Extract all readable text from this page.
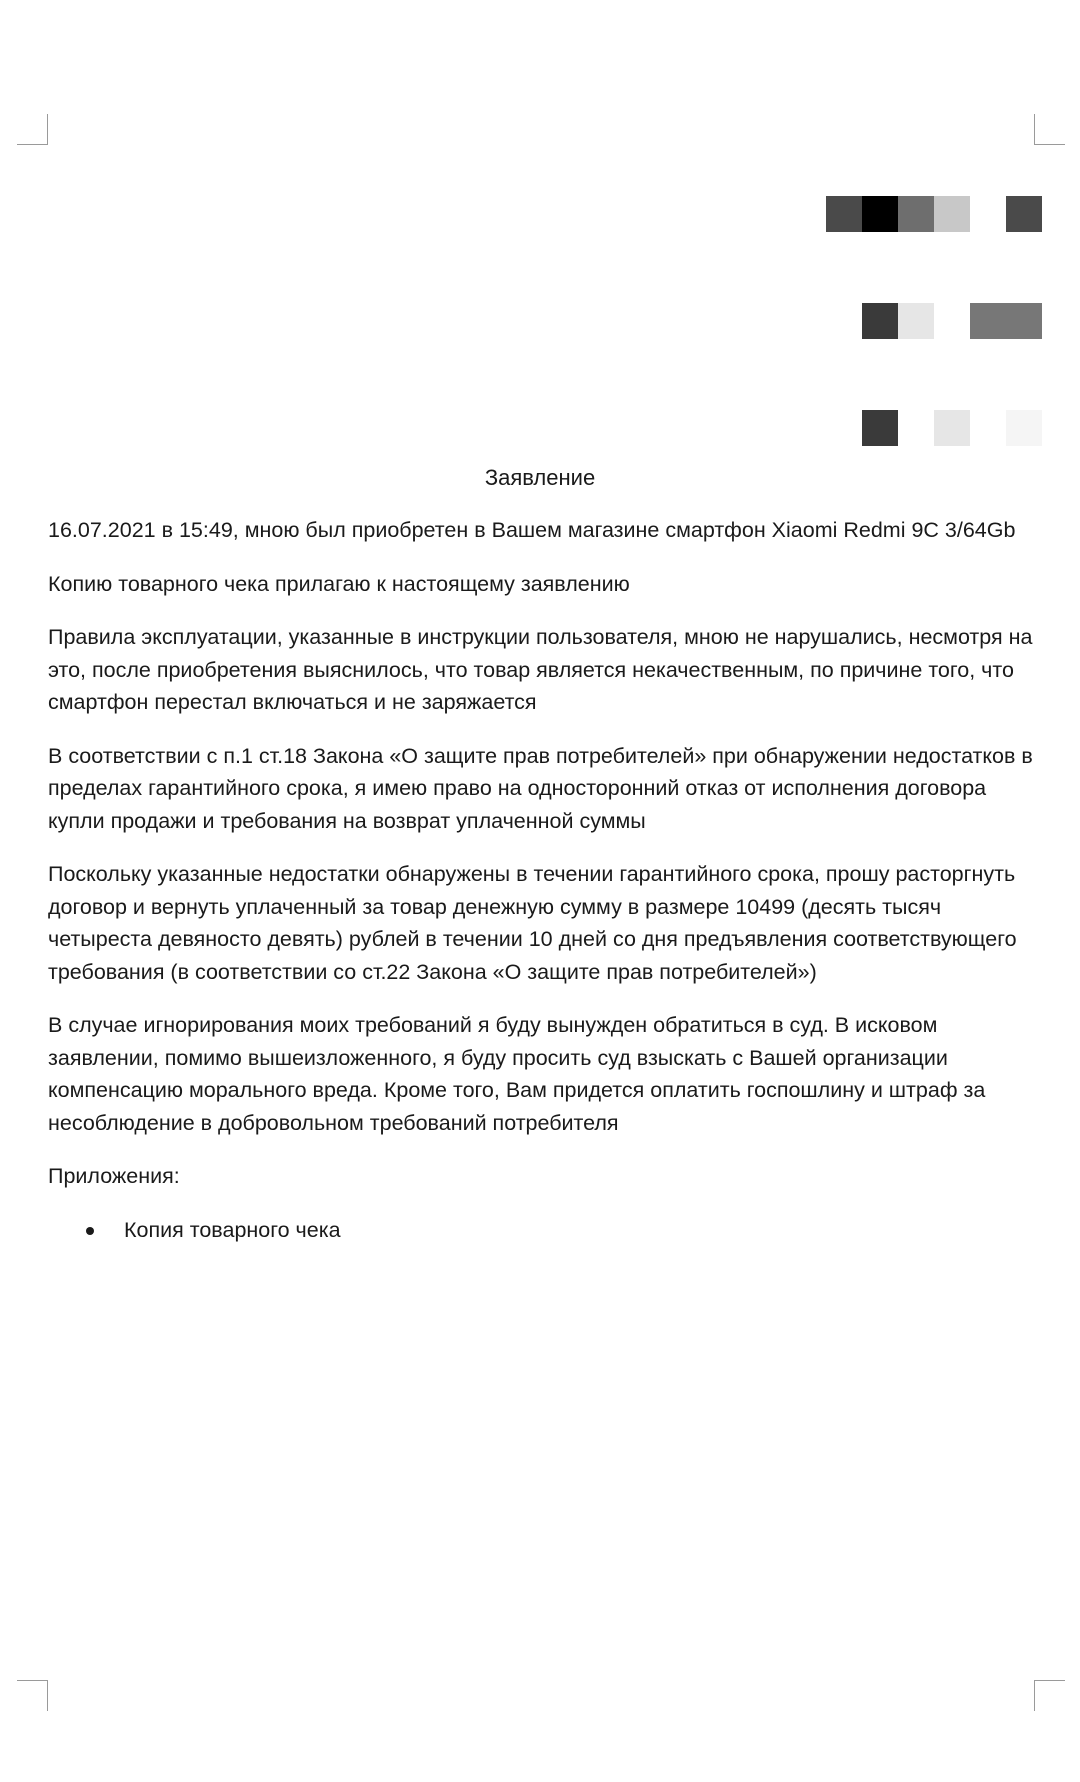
Заявление

16.07.2021 в 15:49, мною был приобретен в Вашем магазине смартфон Xiaomi Redmi 9C 3/64Gb

Копию товарного чека прилагаю к настоящему заявлению

Правила эксплуатации, указанные в инструкции пользователя, мною не нарушались, несмотря на это, после приобретения выяснилось, что товар является некачественным, по причине того, что смартфон перестал включаться и не заряжается

В соответствии с п.1 ст.18 Закона «О защите прав потребителей» при обнаружении недостатков в пределах гарантийного срока, я имею право на односторонний отказ от исполнения договора купли продажи и требования на возврат уплаченной суммы

Поскольку указанные недостатки обнаружены в течении гарантийного срока, прошу расторгнуть договор и вернуть уплаченный за товар денежную сумму в размере 10499 (десять тысяч четыреста девяносто девять) рублей в течении 10 дней со дня предъявления соответствующего требования (в соответствии со ст.22 Закона «О защите прав потребителей»)

В случае игнорирования моих требований я буду вынужден обратиться в суд. В исковом заявлении, помимо вышеизложенного, я буду просить суд взыскать с Вашей организации компенсацию морального вреда. Кроме того, Вам придется оплатить госпошлину и штраф за несоблюдение в добровольном требований потребителя

Приложения:

Копия товарного чека
